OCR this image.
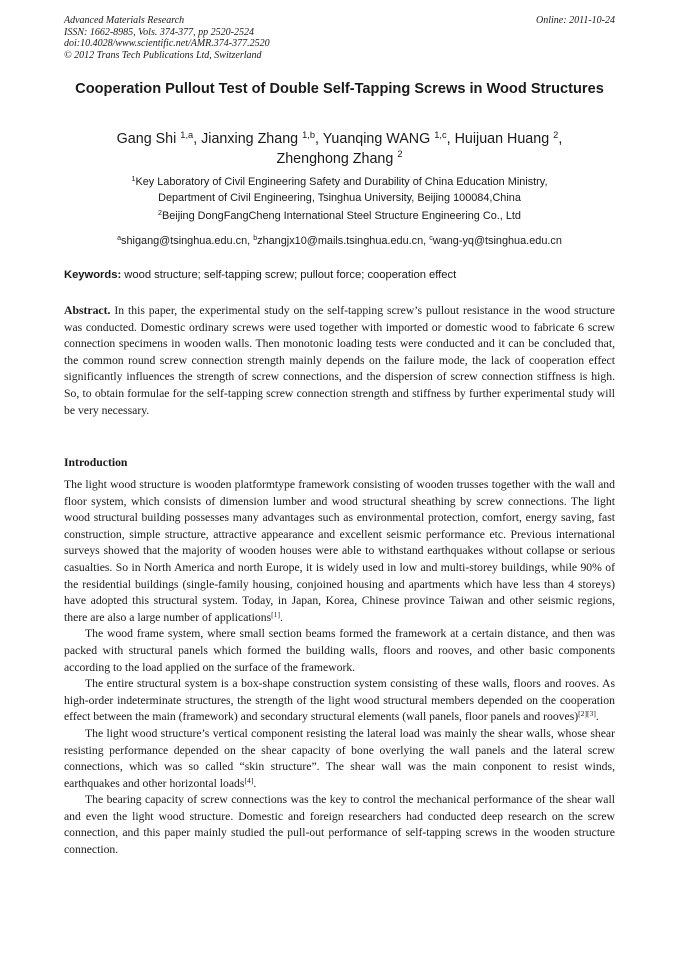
Advanced Materials Research
ISSN: 1662-8985, Vols. 374-377, pp 2520-2524
doi:10.4028/www.scientific.net/AMR.374-377.2520
© 2012 Trans Tech Publications Ltd, Switzerland
Online: 2011-10-24
Cooperation Pullout Test of Double Self-Tapping Screws in Wood Structures
Gang Shi $^{1,a}$, Jianxing Zhang $^{1,b}$, Yuanqing WANG $^{1,c}$, Huijuan Huang $^2$,
Zhenghong Zhang $^2$
$^1$Key Laboratory of Civil Engineering Safety and Durability of China Education Ministry,
Department of Civil Engineering, Tsinghua University, Beijing 100084,China
$^2$Beijing DongFangCheng International Steel Structure Engineering Co., Ltd
$^a$shigang@tsinghua.edu.cn, $^b$zhangjx10@mails.tsinghua.edu.cn, $^c$wang-yq@tsinghua.edu.cn
Keywords: wood structure; self-tapping screw; pullout force; cooperation effect
Abstract. In this paper, the experimental study on the self-tapping screw’s pullout resistance in the wood structure was conducted. Domestic ordinary screws were used together with imported or domestic wood to fabricate 6 screw connection specimens in wooden walls. Then monotonic loading tests were conducted and it can be concluded that, the common round screw connection strength mainly depends on the failure mode, the lack of cooperation effect significantly influences the strength of screw connections, and the dispersion of screw connection stiffness is high. So, to obtain formulae for the self-tapping screw connection strength and stiffness by further experimental study will be very necessary.
Introduction

The light wood structure is wooden platformtype framework consisting of wooden trusses together with the wall and floor system, which consists of dimension lumber and wood structural sheathing by screw connections. The light wood structural building possesses many advantages such as environmental protection, comfort, energy saving, fast construction, simple structure, attractive appearance and excellent seismic performance etc. Previous international surveys showed that the majority of wooden houses were able to withstand earthquakes without collapse or serious casualties. So in North America and north Europe, it is widely used in low and multi-storey buildings, while 90% of the residential buildings (single-family housing, conjoined housing and apartments which have less than 4 storeys) have adopted this structural system. Today, in Japan, Korea, Chinese province Taiwan and other seismic regions, there are also a large number of applications[1].

The wood frame system, where small section beams formed the framework at a certain distance, and then was packed with structural panels which formed the building walls, floors and rooves, and other basic components according to the load applied on the surface of the framework.

The entire structural system is a box-shape construction system consisting of these walls, floors and rooves. As high-order indeterminate structures, the strength of the light wood structural members depended on the cooperation effect between the main (framework) and secondary structural elements (wall panels, floor panels and rooves)[2][3].

The light wood structure’s vertical component resisting the lateral load was mainly the shear walls, whose shear resisting performance depended on the shear capacity of bone overlying the wall panels and the lateral screw connections, which was so called “skin structure”. The shear wall was the main conponent to resist winds, earthquakes and other horizontal loads[4].

The bearing capacity of screw connections was the key to control the mechanical performance of the shear wall and even the light wood structure. Domestic and foreign researchers had conducted deep research on the screw connection, and this paper mainly studied the pull-out performance of self-tapping screws in the wooden structure connection.
